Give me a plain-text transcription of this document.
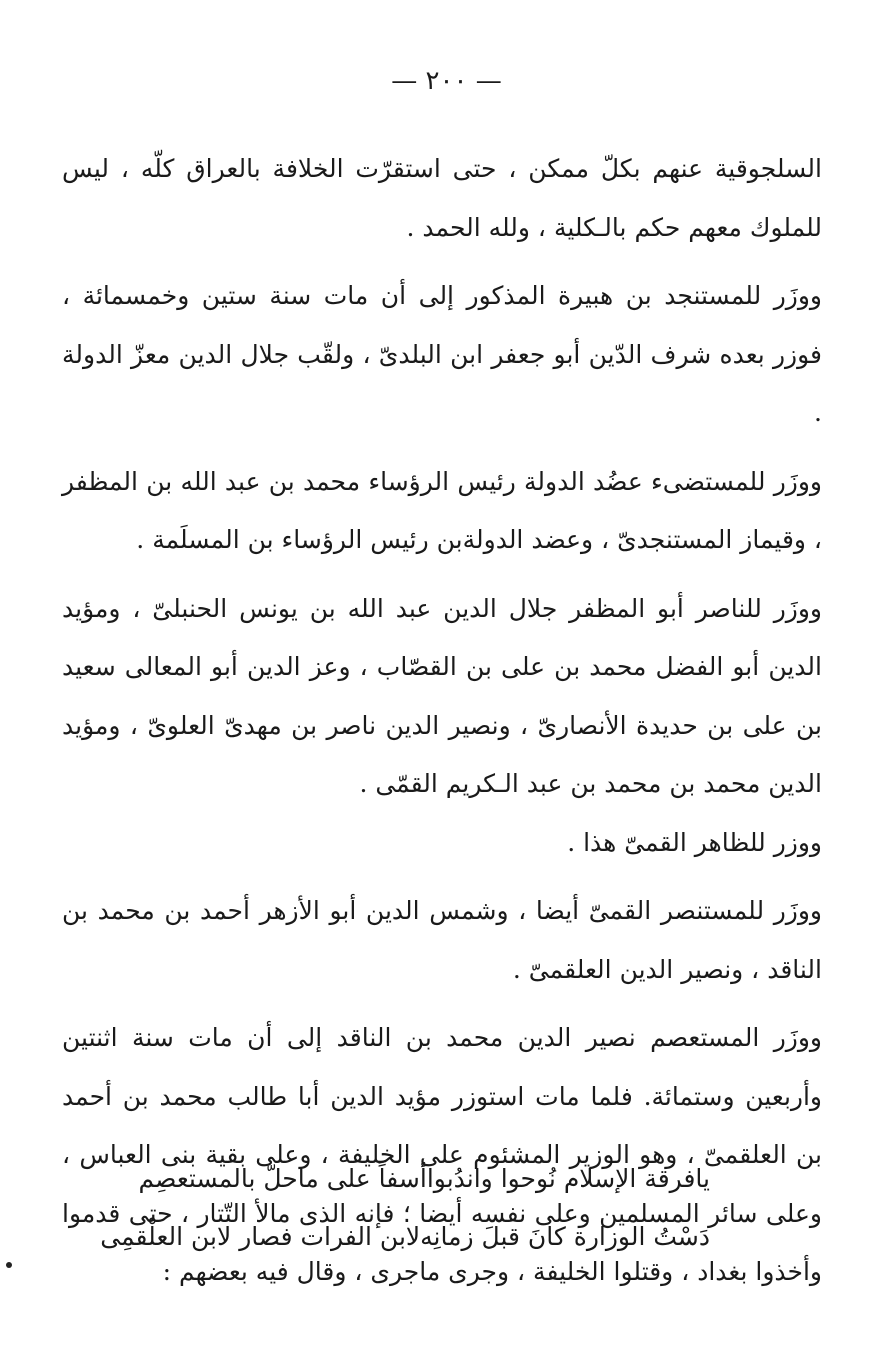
— ٢٠٠ —

السلجوقية عنهم بكلّ ممكن ، حتى استقرّت الخلافة بالعراق كلّه ، ليس للملوك معهم حكم بالـكلية ، ولله الحمد .

ووزَر للمستنجد بن هبيرة المذكور إلى أن مات سنة ستين وخمسمائة ، فوزر بعده شرف الدّين أبو جعفر ابن البلدىّ ، ولقّب جلال الدين معزّ الدولة .

ووزَر للمستضىء عضُد الدولة رئيس الرؤساء محمد بن عبد الله بن المظفر ، وقيماز المستنجدىّ ، وعضد الدولةبن رئيس الرؤساء بن المسلَمة .

ووزَر للناصر أبو المظفر جلال الدين عبد الله بن يونس الحنبلىّ ، ومؤيد الدين أبو الفضل محمد بن على بن القصّاب ، وعز الدين أبو المعالى سعيد بن على بن حديدة الأنصارىّ ، ونصير الدين ناصر بن مهدىّ العلوىّ ، ومؤيد الدين محمد بن محمد بن عبد الـكريم القمّى .

ووزر للظاهر القمىّ هذا .

ووزَر للمستنصر القمىّ أيضا ، وشمس الدين أبو الأزهر أحمد بن محمد بن الناقد ، ونصير الدين العلقمىّ .

ووزَر المستعصم نصير الدين محمد بن الناقد إلى أن مات سنة اثنتين وأربعين وستمائة. فلما مات استوزر مؤيد الدين أبا طالب محمد بن أحمد بن العلقمىّ ، وهو الوزير المشئوم على الخليفة ، وعلى بقية بنى العباس ، وعلى سائر المسلمين وعلى نفسه أيضا ؛ فإنه الذى مالأ التّتار ، حتى قدموا وأخذوا بغداد ، وقتلوا الخليفة ، وجرى ماجرى ، وقال فيه بعضهم :

يافرقة الإسلام نُوحوا واندُبوا
أسفاً على ماحلّ بالمستعصِم
دَسْتُ الوزارة كانَ قبلَ زمانِه
لابن الفرات فصار لابن العلْقمِى
